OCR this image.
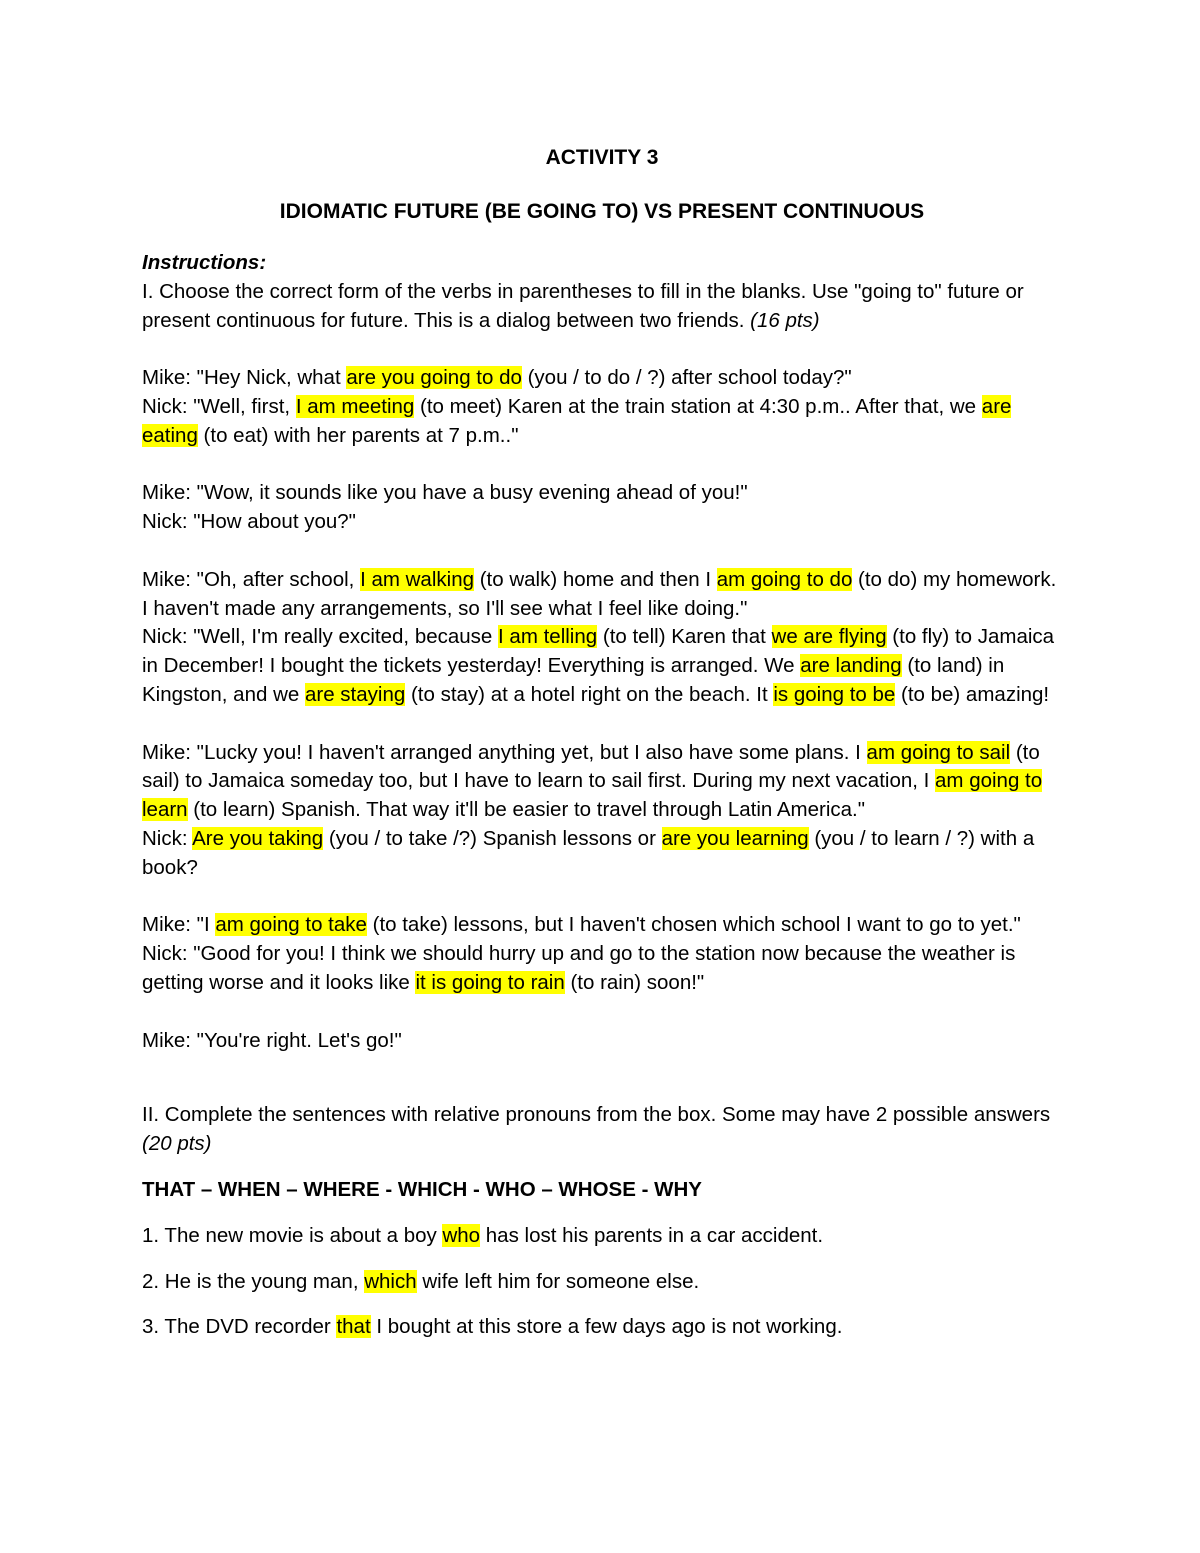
ACTIVITY 3

IDIOMATIC FUTURE (BE GOING TO) VS PRESENT CONTINUOUS

Instructions:

I. Choose the correct form of the verbs in parentheses to fill in the blanks. Use "going to" future or present continuous for future. This is a dialog between two friends. (16 pts)

Mike: "Hey Nick, what are you going to do (you / to do / ?) after school today?"

Nick: "Well, first, I am meeting (to meet) Karen at the train station at 4:30 p.m.. After that, we are eating (to eat) with her parents at 7 p.m.."

Mike: "Wow, it sounds like you have a busy evening ahead of you!"

Nick: "How about you?"

Mike: "Oh, after school, I am walking (to walk) home and then I am going to do (to do) my homework. I haven't made any arrangements, so I'll see what I feel like doing."

Nick: "Well, I'm really excited, because I am telling (to tell) Karen that we are flying (to fly) to Jamaica in December! I bought the tickets yesterday! Everything is arranged. We are landing (to land) in Kingston, and we are staying (to stay) at a hotel right on the beach. It is going to be (to be) amazing!

Mike: "Lucky you! I haven't arranged anything yet, but I also have some plans. I am going to sail (to sail) to Jamaica someday too, but I have to learn to sail first. During my next vacation, I am going to learn (to learn) Spanish. That way it'll be easier to travel through Latin America."

Nick: Are you taking (you / to take /?) Spanish lessons or are you learning (you / to learn / ?) with a book?

Mike: "I am going to take (to take) lessons, but I haven't chosen which school I want to go to yet."

Nick: "Good for you! I think we should hurry up and go to the station now because the weather is getting worse and it looks like it is going to rain (to rain) soon!"

Mike: "You're right. Let's go!"

II. Complete the sentences with relative pronouns from the box. Some may have 2 possible answers (20 pts)

THAT – WHEN – WHERE - WHICH - WHO – WHOSE - WHY

1. The new movie is about a boy who has lost his parents in a car accident.

2. He is the young man, which wife left him for someone else.

3. The DVD recorder that I bought at this store a few days ago is not working.
